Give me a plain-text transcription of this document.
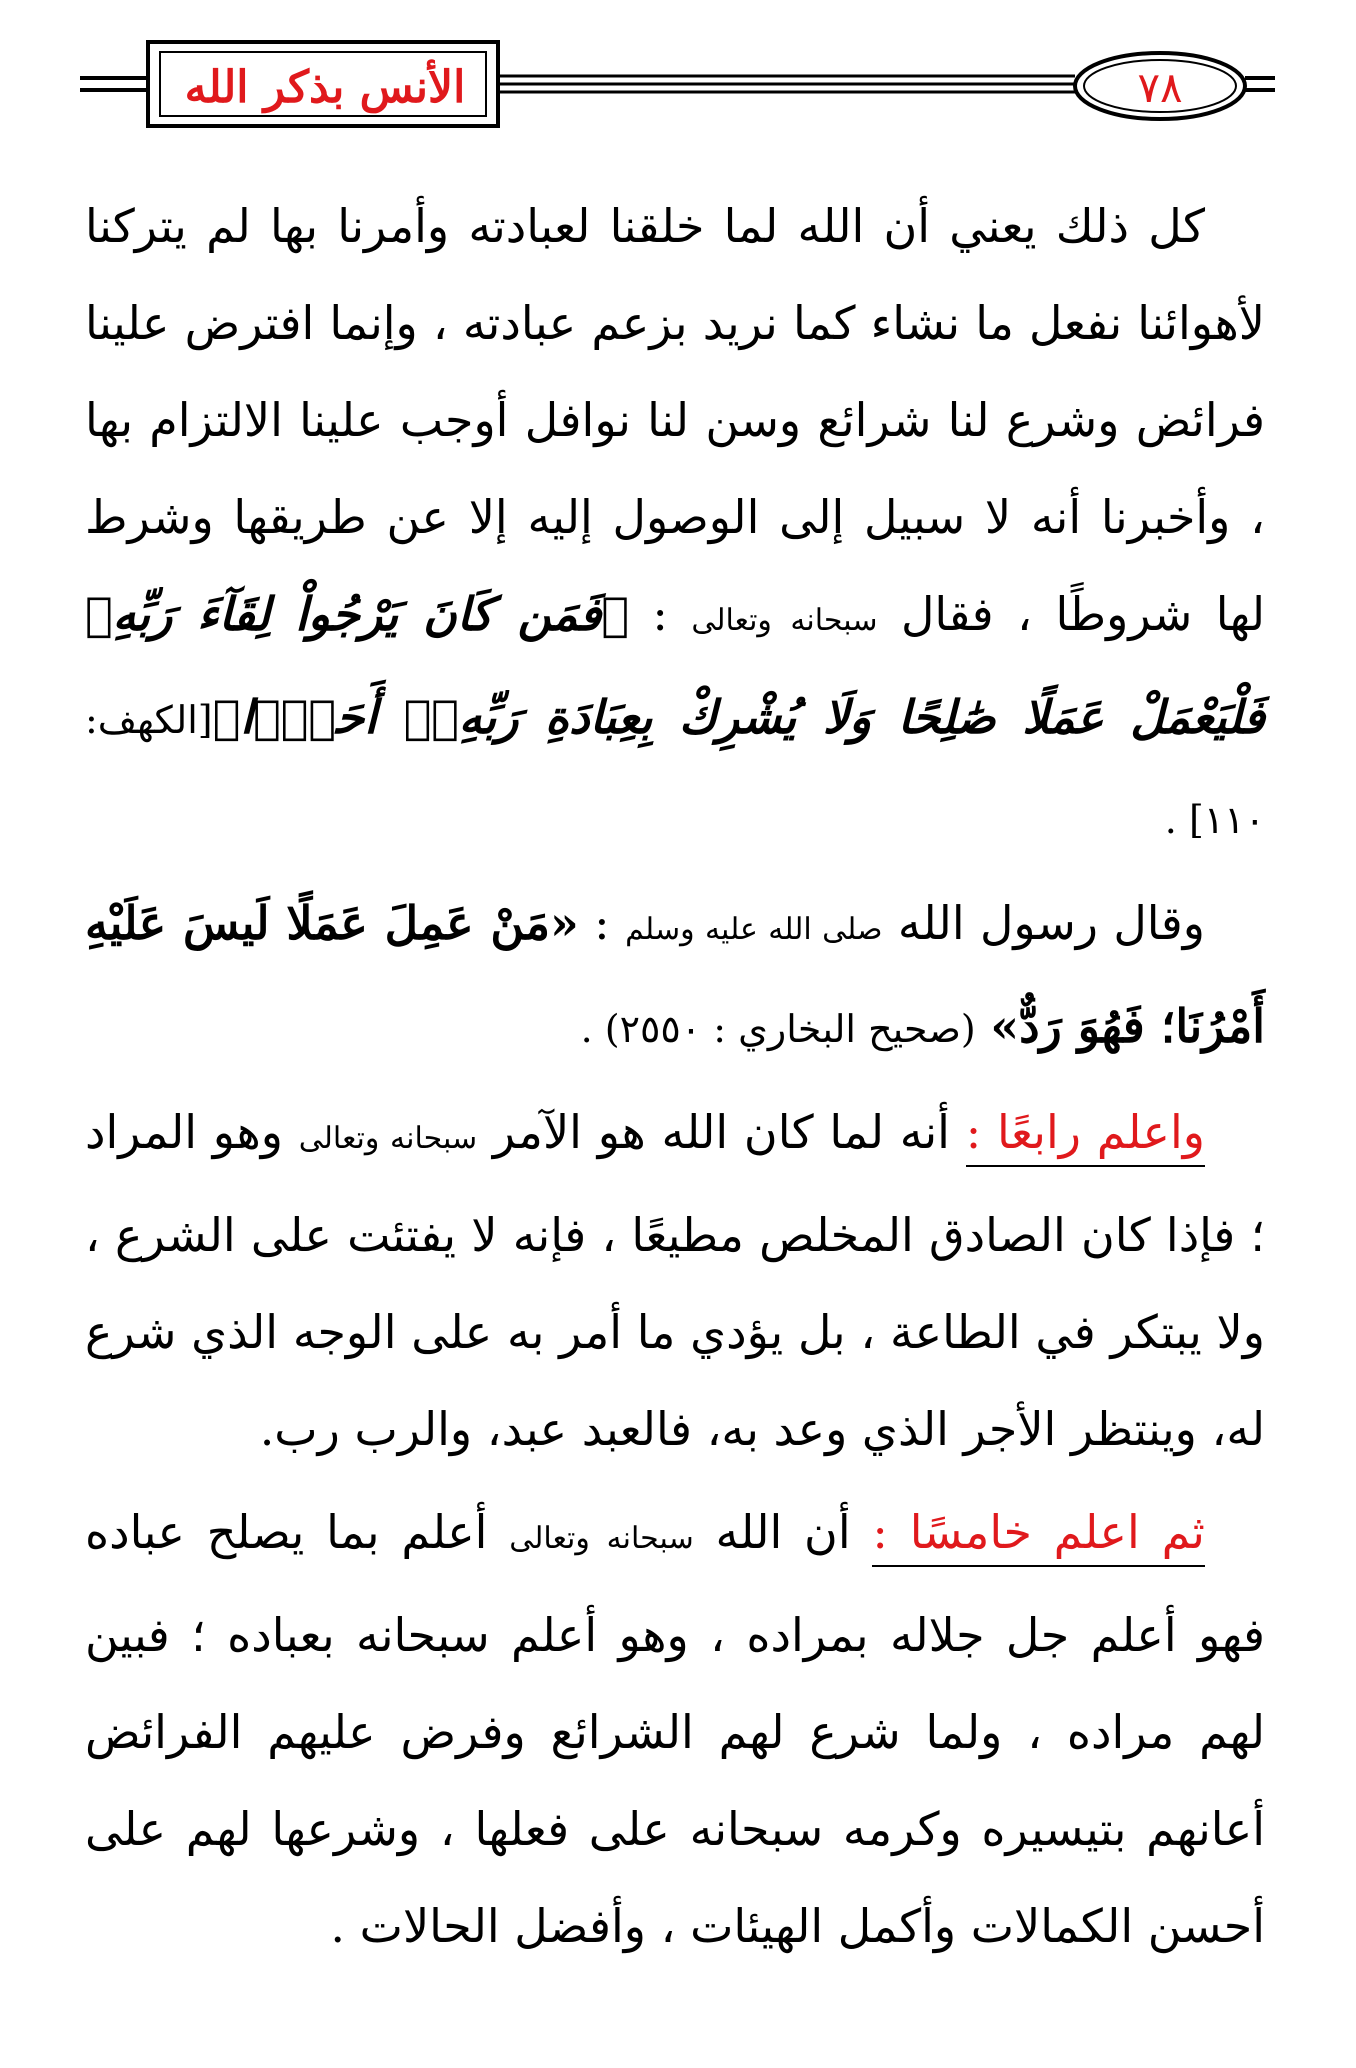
الأنس بذكر الله	٧٨

كل ذلك يعني أن الله لما خلقنا لعبادته وأمرنا بها لم يتركنا لأهوائنا نفعل ما نشاء كما نريد بزعم عبادته ، وإنما افترض علينا فرائض وشرع لنا شرائع وسن لنا نوافل أوجب علينا الالتزام بها ، وأخبرنا أنه لا سبيل إلى الوصول إليه إلا عن طريقها وشرط لها شروطًا ، فقال سبحانه وتعالى : ﴿فَمَن كَانَ يَرْجُواْ لِقَآءَ رَبِّهِۦ فَلْيَعْمَلْ عَمَلًا صَٰلِحًا وَلَا يُشْرِكْ بِعِبَادَةِ رَبِّهِۦٓ أَحَدًۢا﴾[الكهف: ١١٠] .

وقال رسول الله صلى الله عليه وسلم : «مَنْ عَمِلَ عَمَلًا لَيسَ عَلَيْهِ أَمْرُنَا؛ فَهُوَ رَدٌّ» (صحيح البخاري : ٢٥٥٠) .

واعلم رابعًا : أنه لما كان الله هو الآمر سبحانه وتعالى وهو المراد ؛ فإذا كان الصادق المخلص مطيعًا ، فإنه لا يفتئت على الشرع ، ولا يبتكر في الطاعة ، بل يؤدي ما أمر به على الوجه الذي شرع له، وينتظر الأجر الذي وعد به، فالعبد عبد، والرب رب.

ثم اعلم خامسًا : أن الله سبحانه وتعالى أعلم بما يصلح عباده فهو أعلم جل جلاله بمراده ، وهو أعلم سبحانه بعباده ؛ فبين لهم مراده ، ولما شرع لهم الشرائع وفرض عليهم الفرائض أعانهم بتيسيره وكرمه سبحانه على فعلها ، وشرعها لهم على أحسن الكمالات وأكمل الهيئات ، وأفضل الحالات .
